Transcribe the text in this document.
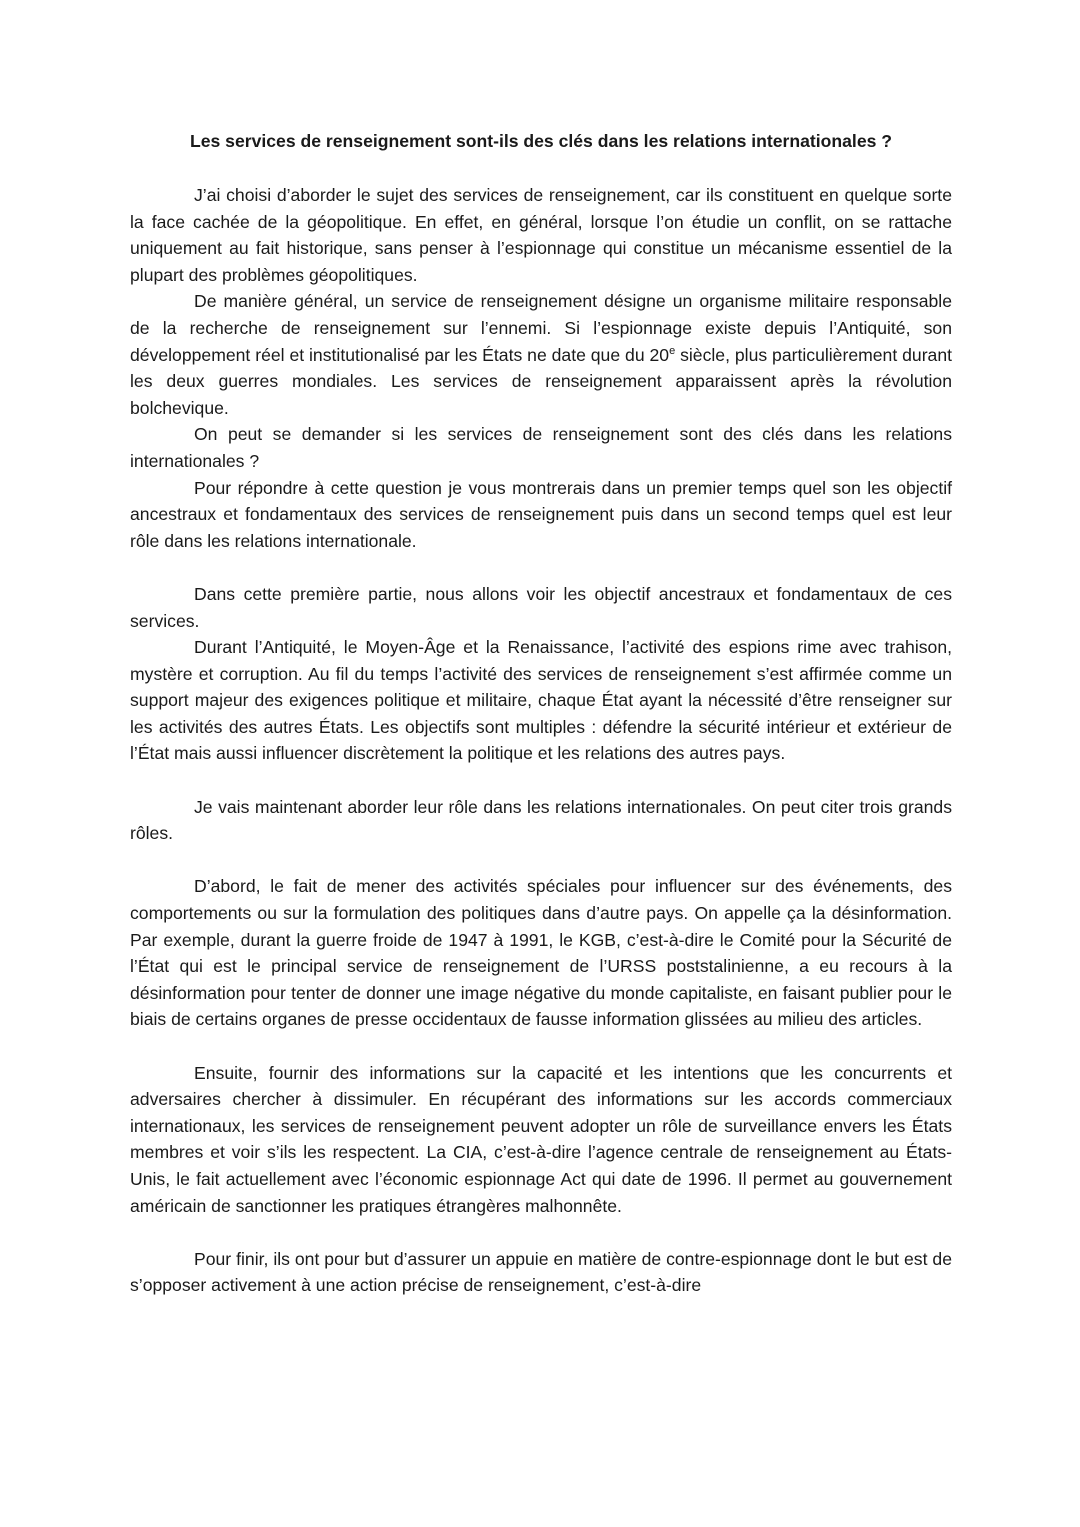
Les services de renseignement sont-ils des clés dans les relations internationales ?

J’ai choisi d’aborder le sujet des services de renseignement, car ils constituent en quelque sorte la face cachée de la géopolitique. En effet, en général, lorsque l’on étudie un conflit, on se rattache uniquement au fait historique, sans penser à l’espionnage qui constitue un mécanisme essentiel de la plupart des problèmes géopolitiques.

De manière général, un service de renseignement désigne un organisme militaire responsable de la recherche de renseignement sur l’ennemi. Si l’espionnage existe depuis l’Antiquité, son développement réel et institutionalisé par les États ne date que du 20e siècle, plus particulièrement durant les deux guerres mondiales. Les services de renseignement apparaissent après la révolution bolchevique.

On peut se demander si les services de renseignement sont des clés dans les relations internationales ?

Pour répondre à cette question je vous montrerais dans un premier temps quel son les objectif ancestraux et fondamentaux des services de renseignement puis dans un second temps quel est leur rôle dans les relations internationale.

Dans cette première partie, nous allons voir les objectif ancestraux et fondamentaux de ces services.

Durant l’Antiquité, le Moyen-Âge et la Renaissance, l’activité des espions rime avec trahison, mystère et corruption. Au fil du temps l’activité des services de renseignement s’est affirmée comme un support majeur des exigences politique et militaire, chaque État ayant la nécessité d’être renseigner sur les activités des autres États. Les objectifs sont multiples : défendre la sécurité intérieur et extérieur de l’État mais aussi influencer discrètement la politique et les relations des autres pays.

Je vais maintenant aborder leur rôle dans les relations internationales. On peut citer trois grands rôles.

D’abord, le fait de mener des activités spéciales pour influencer sur des événements, des comportements ou sur la formulation des politiques dans d’autre pays. On appelle ça la désinformation. Par exemple, durant la guerre froide de 1947 à 1991, le KGB, c’est-à-dire le Comité pour la Sécurité de l’État qui est le principal service de renseignement de l’URSS poststalinienne, a eu recours à la désinformation pour tenter de donner une image négative du monde capitaliste, en faisant publier pour le biais de certains organes de presse occidentaux de fausse information glissées au milieu des articles.

Ensuite, fournir des informations sur la capacité et les intentions que les concurrents et adversaires chercher à dissimuler. En récupérant des informations sur les accords commerciaux internationaux, les services de renseignement peuvent adopter un rôle de surveillance envers les États membres et voir s’ils les respectent. La CIA, c’est-à-dire l’agence centrale de renseignement au États-Unis, le fait actuellement avec l’économic espionnage Act qui date de 1996. Il permet au gouvernement américain de sanctionner les pratiques étrangères malhonnête.

Pour finir, ils ont pour but d’assurer un appuie en matière de contre-espionnage dont le but est de s’opposer activement à une action précise de renseignement, c’est-à-dire
